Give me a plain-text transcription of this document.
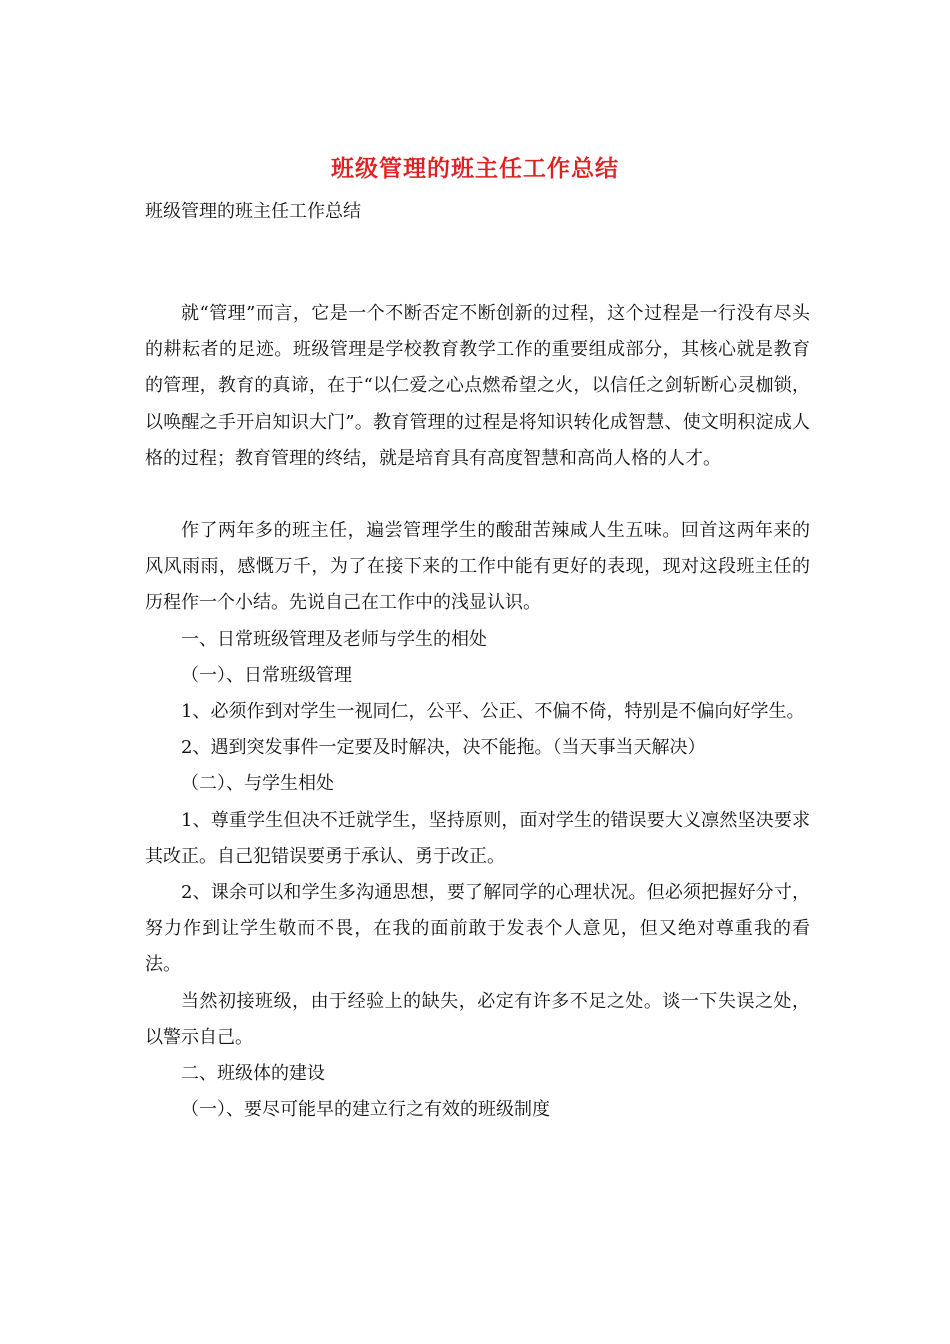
班级管理的班主任工作总结
班级管理的班主任工作总结

就“管理”而言，它是一个不断否定不断创新的过程，这个过程是一行没有尽头的耕耘者的足迹。班级管理是学校教育教学工作的重要组成部分，其核心就是教育的管理，教育的真谛，在于“以仁爱之心点燃希望之火，以信任之剑斩断心灵枷锁，以唤醒之手开启知识大门”。教育管理的过程是将知识转化成智慧、使文明积淀成人格的过程；教育管理的终结，就是培育具有高度智慧和高尚人格的人才。

作了两年多的班主任，遍尝管理学生的酸甜苦辣咸人生五味。回首这两年来的风风雨雨，感慨万千，为了在接下来的工作中能有更好的表现，现对这段班主任的历程作一个小结。先说自己在工作中的浅显认识。

一、日常班级管理及老师与学生的相处

（一）、日常班级管理

1、必须作到对学生一视同仁，公平、公正、不偏不倚，特别是不偏向好学生。

2、遇到突发事件一定要及时解决，决不能拖。（当天事当天解决）

（二）、与学生相处

1、尊重学生但决不迁就学生，坚持原则，面对学生的错误要大义凛然坚决要求其改正。自己犯错误要勇于承认、勇于改正。

2、课余可以和学生多沟通思想，要了解同学的心理状况。但必须把握好分寸，努力作到让学生敬而不畏，在我的面前敢于发表个人意见，但又绝对尊重我的看法。

当然初接班级，由于经验上的缺失，必定有许多不足之处。谈一下失误之处，以警示自己。

二、班级体的建设

（一）、要尽可能早的建立行之有效的班级制度
